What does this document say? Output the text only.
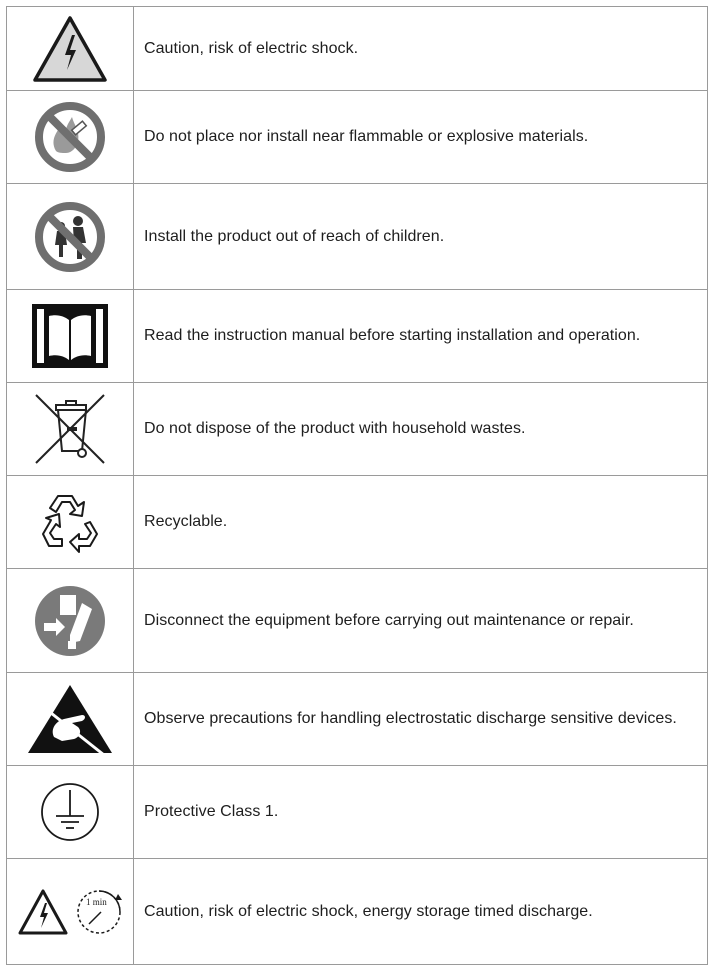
Caution, risk of electric shock.
Do not place nor install near flammable or explosive materials.
Install the product out of reach of children.
Read the instruction manual before starting installation and operation.
Do not dispose of the product with household wastes.
Recyclable.
Disconnect the equipment before carrying out maintenance or repair.
Observe precautions for handling electrostatic discharge sensitive devices.
Protective Class 1.
1 min
Caution, risk of electric shock, energy storage timed discharge.
